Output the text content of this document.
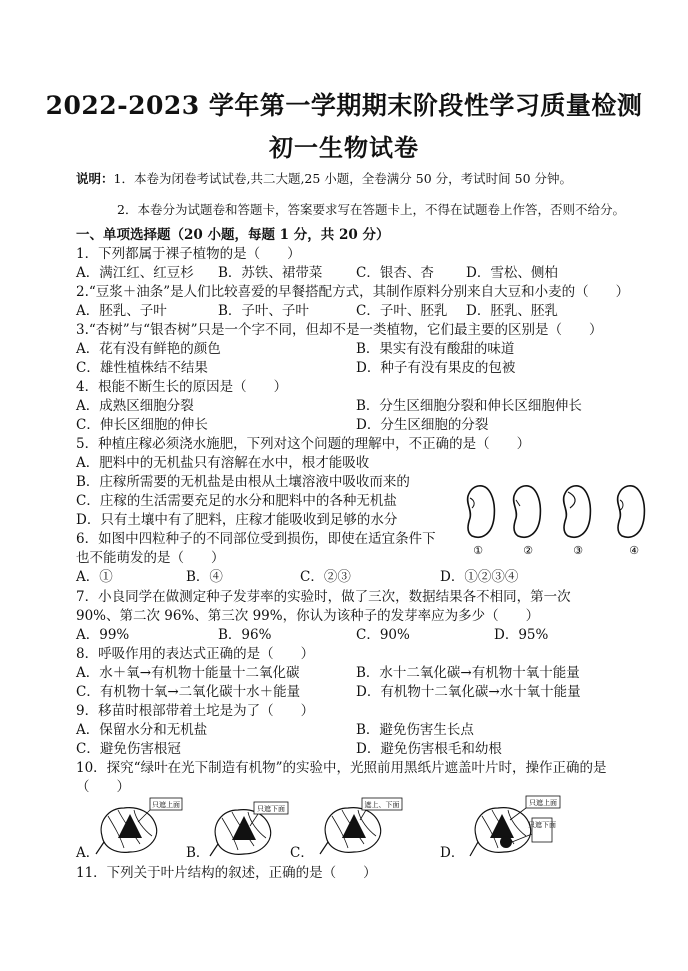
2022-2023 学年第一学期期末阶段性学习质量检测
初一生物试卷
说明：1．本卷为闭卷考试试卷,共二大题,25 小题，全卷满分 50 分，考试时间 50 分钟。
2．本卷分为试题卷和答题卡，答案要求写在答题卡上，不得在试题卷上作答，否则不给分。
一、单项选择题（20 小题，每题 1 分，共 20 分）
1．下列都属于裸子植物的是（　　）
A．满江红、红豆杉 B．苏铁、裙带菜 C．银杏、杏 D．雪松、侧柏
2.“豆浆＋油条”是人们比较喜爱的早餐搭配方式，其制作原料分别来自大豆和小麦的（　　）
A．胚乳、子叶	B．子叶、子叶	C．子叶、胚乳 D．胚乳、胚乳
3.“杏树”与“银杏树”只是一个字不同，但却不是一类植物，它们最主要的区别是（　　）
A．花有没有鲜艳的颜色	B．果实有没有酸甜的味道
C．雄性植株结不结果	D．种子有没有果皮的包被
4．根能不断生长的原因是（　　）
A．成熟区细胞分裂	B．分生区细胞分裂和伸长区细胞伸长
C．伸长区细胞的伸长	D．分生区细胞的分裂
5．种植庄稼必须浇水施肥，下列对这个问题的理解中，不正确的是（　　）
A．肥料中的无机盐只有溶解在水中，根才能吸收
B．庄稼所需要的无机盐是由根从土壤溶液中吸收而来的
C．庄稼的生活需要充足的水分和肥料中的各种无机盐
D．只有土壤中有了肥料，庄稼才能吸收到足够的水分
①	②	③	④
6．如图中四粒种子的不同部位受到损伤，即使在适宜条件下
也不能萌发的是（　　）
A．①	B．④	C．②③	D．①②③④
7．小良同学在做测定种子发芽率的实验时，做了三次，数据结果各不相同，第一次
90%、第二次 96%、第三次 99%，你认为该种子的发芽率应为多少（　　）
A．99%	B．96%	C．90%	D．95%
8．呼吸作用的表达式正确的是（　　）
A．水＋氧→有机物十能量十二氧化碳	B．水十二氧化碳→有机物十氧十能量
C．有机物十氧→二氧化碳十水＋能量	D．有机物十二氧化碳→水十氧十能量
9．移苗时根部带着土坨是为了（　　）
A．保留水分和无机盐	B．避免伤害生长点
C．避免伤害根冠	D．避免伤害根毛和幼根
10．探究“绿叶在光下制造有机物”的实验中，光照前用黑纸片遮盖叶片时，操作正确的是
（　　）
只遮上面	只遮下面	遮上、下面	只遮上面
只遮下面
A．	B．	C．	D．
11．下列关于叶片结构的叙述，正确的是（　　）
